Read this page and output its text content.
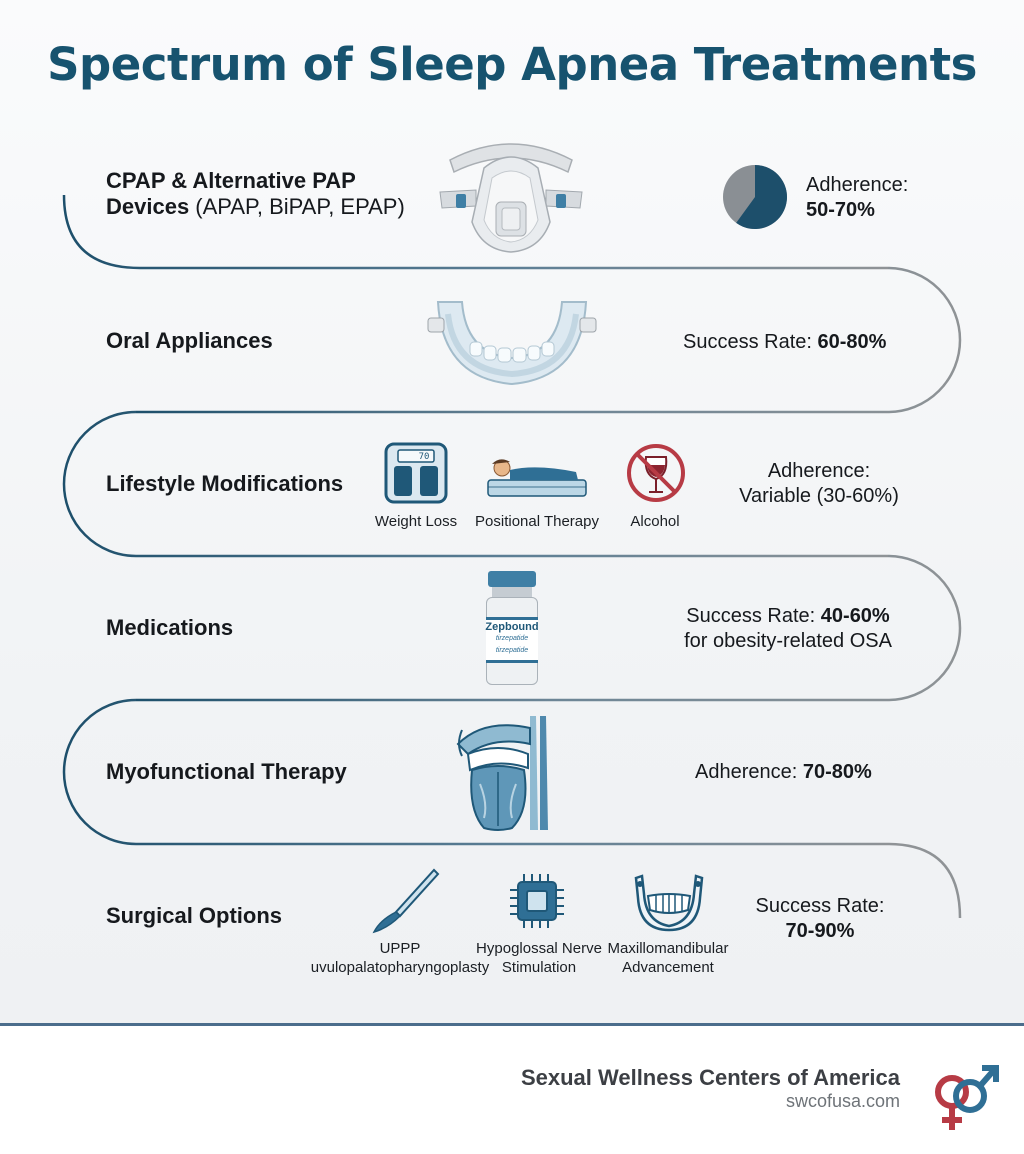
Spectrum of Sleep Apnea Treatments
CPAP & Alternative PAP
Devices (APAP, BiPAP, EPAP)
Adherence:
50-70%
Oral Appliances	Success Rate: 60-80%
Lifestyle Modifications
70
Weight Loss	Positional Therapy	Alcohol
Adherence:
Variable (30-60%)
Medications	Zepbound
tirzepatide
tirzepatide
Success Rate: 40-60%
for obesity-related OSA
Myofunctional Therapy	Adherence: 70-80%
Surgical Options
UPPP
uvulopalatopharyngoplasty
Hypoglossal Nerve
Stimulation
Maxillomandibular
Advancement
Success Rate:
70-90%
Sexual Wellness Centers of America
swcofusa.com
